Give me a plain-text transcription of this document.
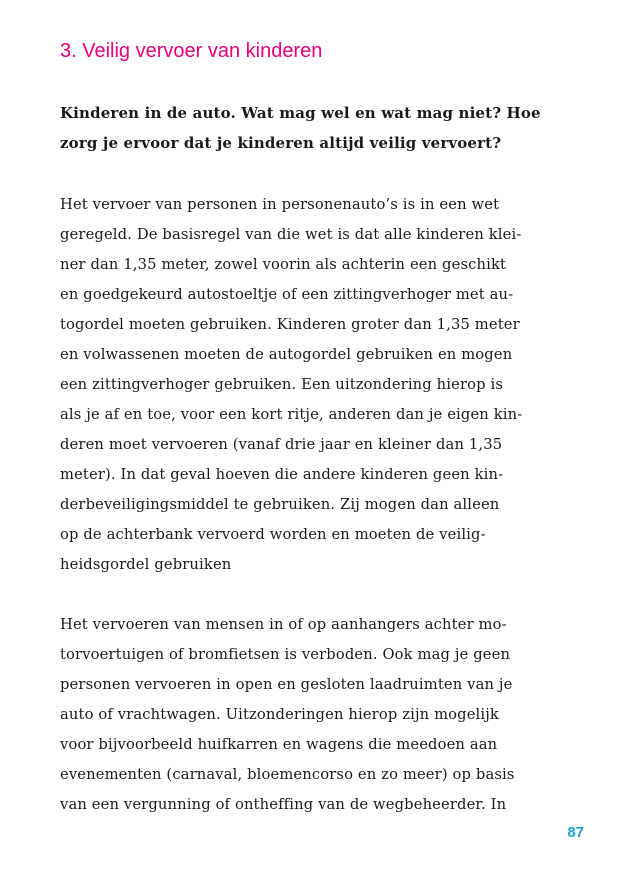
3. Veilig vervoer van kinderen
Kinderen in de auto. Wat mag wel en wat mag niet? Hoe
zorg je ervoor dat je kinderen altijd veilig vervoert?
Het vervoer van personen in personenauto’s is in een wet
geregeld. De basisregel van die wet is dat alle kinderen klei-
ner dan 1,35 meter, zowel voorin als achterin een geschikt
en goedgekeurd autostoeltje of een zittingverhoger met au-
togordel moeten gebruiken. Kinderen groter dan 1,35 meter
en volwassenen moeten de autogordel gebruiken en mogen
een zittingverhoger gebruiken. Een uitzondering hierop is
als je af en toe, voor een kort ritje, anderen dan je eigen kin-
deren moet vervoeren (vanaf drie jaar en kleiner dan 1,35
meter). In dat geval hoeven die andere kinderen geen kin-
derbeveiligingsmiddel te gebruiken. Zij mogen dan alleen
op de achterbank vervoerd worden en moeten de veilig-
heidsgordel gebruiken
Het vervoeren van mensen in of op aanhangers achter mo-
torvoertuigen of bromfietsen is verboden. Ook mag je geen
personen vervoeren in open en gesloten laadruimten van je
auto of vrachtwagen. Uitzonderingen hierop zijn mogelijk
voor bijvoorbeeld huifkarren en wagens die meedoen aan
evenementen (carnaval, bloemencorso en zo meer) op basis
van een vergunning of ontheffing van de wegbeheerder. In
87
